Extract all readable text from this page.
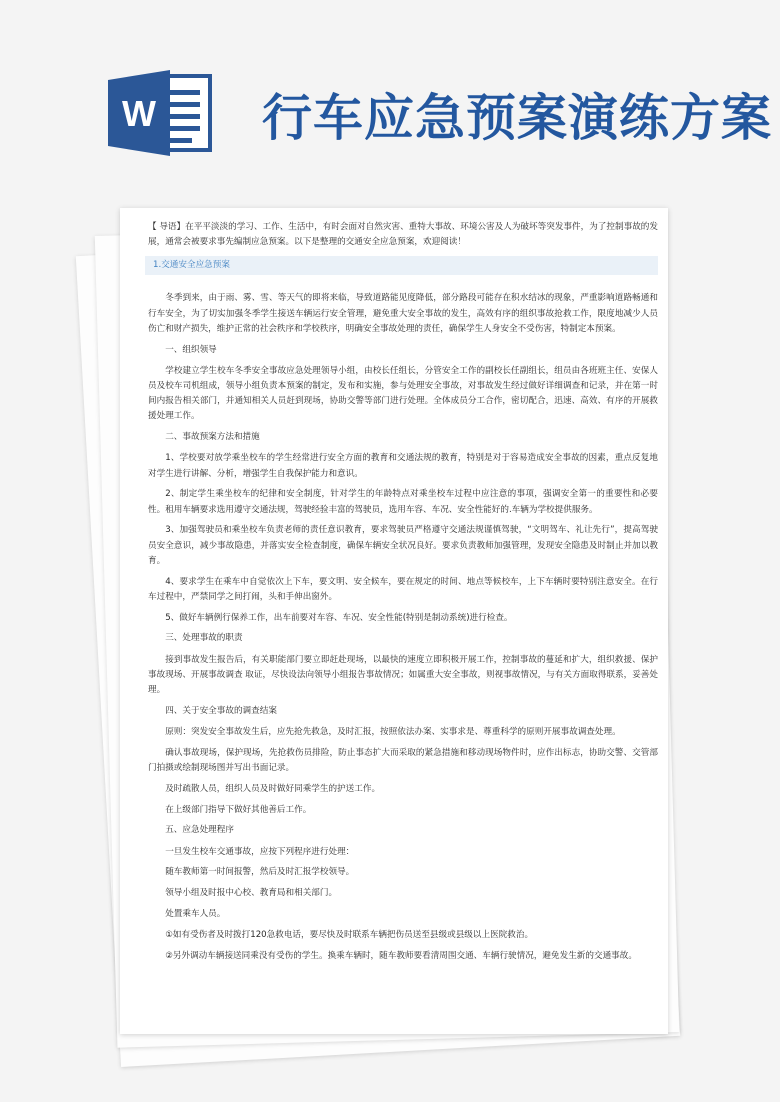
W 行车应急预案演练方案

【 导语】在平平淡淡的学习、工作、生活中，有时会面对自然灾害、重特大事故、环境公害及人为破坏等突发事件，为了控制事故的发展，通常会被要求事先编制应急预案。以下是整理的交通安全应急预案，欢迎阅读！

1.交通安全应急预案

冬季到来，由于雨、雾、雪、等天气的即将来临，导致道路能见度降低，部分路段可能存在积水结冰的现象，严重影响道路畅通和行车安全，为了切实加强冬季学生接送车辆运行安全管理，避免重大安全事故的发生，高效有序的组织事故抢救工作，限度地减少人员伤亡和财产损失，维护正常的社会秩序和学校秩序，明确安全事故处理的责任，确保学生人身安全不受伤害，特制定本预案。

一、组织领导

学校建立学生校车冬季安全事故应急处理领导小组，由校长任组长，分管安全工作的副校长任副组长，组员由各班班主任、安保人员及校车司机组成，领导小组负责本预案的制定，发布和实施，参与处理安全事故，对事故发生经过做好详细调查和记录，并在第一时间内报告相关部门，并通知相关人员赶到现场，协助交警等部门进行处理。全体成员分工合作，密切配合，迅速、高效、有序的开展救援处理工作。

二、事故预案方法和措施

1、学校要对放学乘坐校车的学生经常进行安全方面的教育和交通法规的教育，特别是对于容易造成安全事故的因素，重点反复地对学生进行讲解、分析，增强学生自我保护能力和意识。

2、制定学生乘坐校车的纪律和安全制度，针对学生的年龄特点对乘坐校车过程中应注意的事项，强调安全第一的重要性和必要性。租用车辆要求选用遵守交通法规，驾驶经验丰富的驾驶员，选用车容、车况、安全性能好的.车辆为学校提供服务。

3、加强驾驶员和乘坐校车负责老师的责任意识教育，要求驾驶员严格遵守交通法规谨慎驾驶，“文明驾车、礼让先行”，提高驾驶员安全意识，减少事故隐患，并落实安全检查制度，确保车辆安全状况良好。要求负责教师加强管理，发现安全隐患及时制止并加以教育。

4、要求学生在乘车中自觉依次上下车，要文明、安全候车，要在规定的时间、地点等候校车，上下车辆时要特别注意安全。在行车过程中，严禁同学之间打闹，头和手伸出窗外。

5、做好车辆例行保养工作，出车前要对车容、车况、安全性能(特别是制动系统)进行检查。

三、处理事故的职责

接到事故发生报告后，有关职能部门要立即赶赴现场，以最快的速度立即积极开展工作，控制事故的蔓延和扩大，组织救援、保护事故现场、开展事故调查 取证，尽快设法向领导小组报告事故情况；如属重大安全事故，则视事故情况，与有关方面取得联系，妥善处理。

四、关于安全事故的调查结案

原则：突发安全事故发生后，应先抢先救急，及时汇报，按照依法办案、实事求是、尊重科学的原则开展事故调查处理。

确认事故现场，保护现场，先抢救伤员排险，防止事态扩大而采取的紧急措施和移动现场物件时，应作出标志，协助交警、交管部门拍摄或绘制现场图并写出书面记录。

及时疏散人员，组织人员及时做好同乘学生的护送工作。

在上级部门指导下做好其他善后工作。

五、应急处理程序

一旦发生校车交通事故，应按下列程序进行处理：

随车教师第一时间报警，然后及时汇报学校领导。

领导小组及时报中心校、教育局和相关部门。

处置乘车人员。

①如有受伤者及时拨打120急救电话，要尽快及时联系车辆把伤员送至县级或县级以上医院救治。

②另外调动车辆接送同乘没有受伤的学生。换乘车辆时，随车教师要看清周围交通、车辆行驶情况，避免发生新的交通事故。
